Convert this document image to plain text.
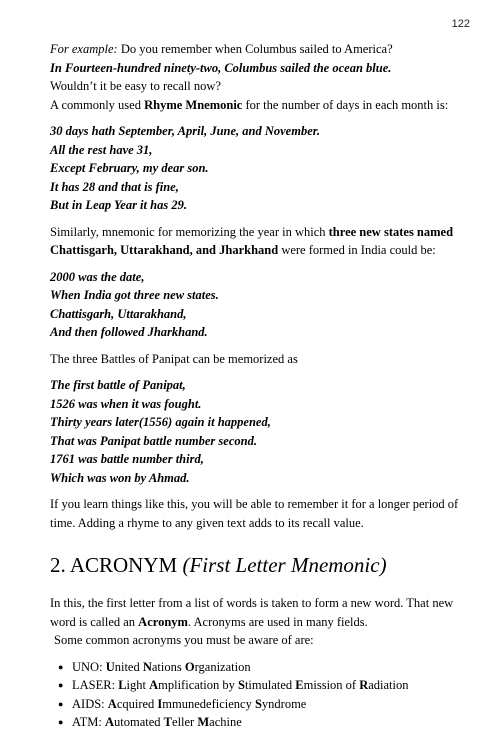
122

For example: Do you remember when Columbus sailed to America?

In Fourteen-hundred ninety-two, Columbus sailed the ocean blue.

Wouldn’t it be easy to recall now?

A commonly used Rhyme Mnemonic for the number of days in each month is:

30 days hath September, April, June, and November.

All the rest have 31,

Except February, my dear son.

It has 28 and that is fine,

But in Leap Year it has 29.

Similarly, mnemonic for memorizing the year in which three new states named Chattisgarh, Uttarakhand, and Jharkhand were formed in India could be:

2000 was the date,

When India got three new states.

Chattisgarh, Uttarakhand,

And then followed Jharkhand.

The three Battles of Panipat can be memorized as

The first battle of Panipat,

1526 was when it was fought.

Thirty years later(1556) again it happened,

That was Panipat battle number second.

1761 was battle number third,

Which was won by Ahmad.

If you learn things like this, you will be able to remember it for a longer period of time. Adding a rhyme to any given text adds to its recall value.

2. ACRONYM (First Letter Mnemonic)

In this, the first letter from a list of words is taken to form a new word. That new word is called an Acronym. Acronyms are used in many fields.

Some common acronyms you must be aware of are:

● UNO: United Nations Organization
● LASER: Light Amplification by Stimulated Emission of Radiation
● AIDS: Acquired Immunedeficiency Syndrome
● ATM: Automated Teller Machine
